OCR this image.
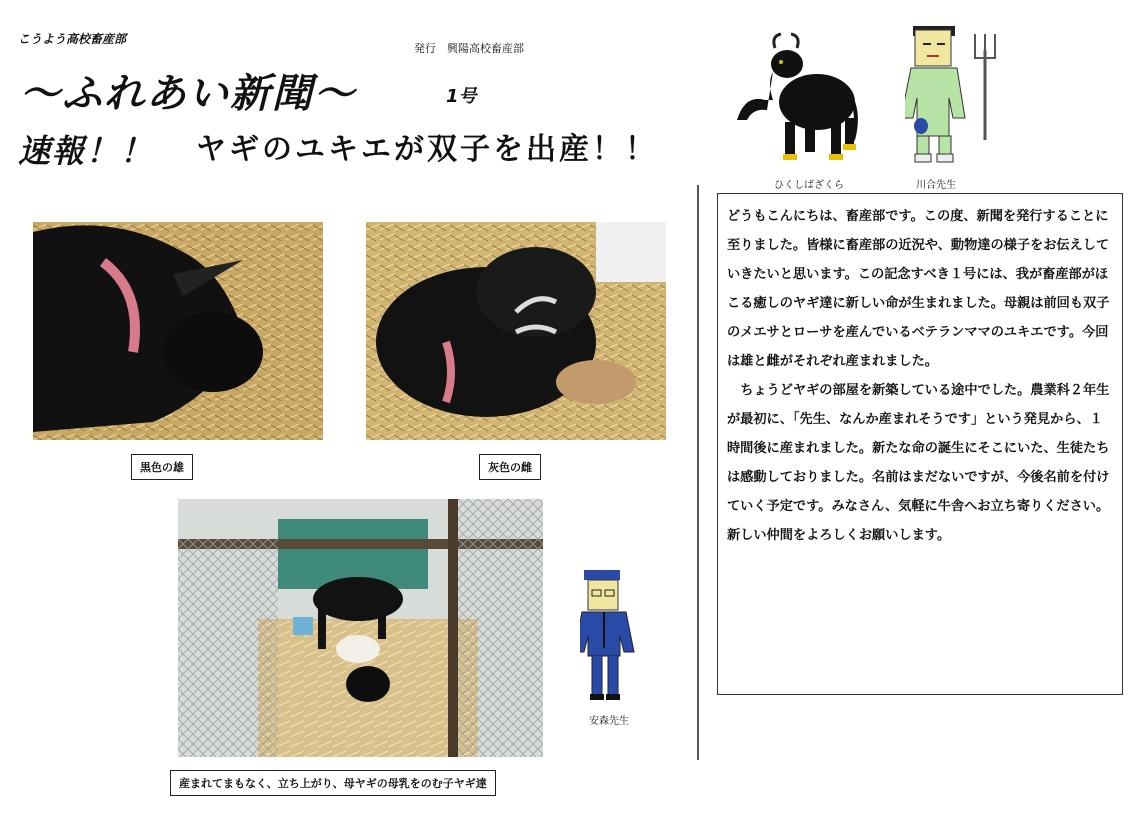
こうよう高校畜産部
発行　興陽高校畜産部
〜ふれあい新聞〜	1号
速報！！ ヤギのユキエが双子を出産！！
ひくしばざくら	川合先生
黒色の雄	灰色の雌
産まれてまもなく、立ち上がり、母ヤギの母乳をのむ子ヤギ達
安森先生

どうもこんにちは、畜産部です。この度、新聞を発行することに至りました。皆様に畜産部の近況や、動物達の様子をお伝えしていきたいと思います。この記念すべき１号には、我が畜産部がほこる癒しのヤギ達に新しい命が生まれました。母親は前回も双子のメエサとローサを産んでいるベテランママのユキエです。今回は雄と雌がそれぞれ産まれました。

ちょうどヤギの部屋を新築している途中でした。農業科２年生が最初に、「先生、なんか産まれそうです」という発見から、１時間後に産まれました。新たな命の誕生にそこにいた、生徒たちは感動しておりました。名前はまだないですが、今後名前を付けていく予定です。みなさん、気軽に牛舎へお立ち寄りください。新しい仲間をよろしくお願いします。
